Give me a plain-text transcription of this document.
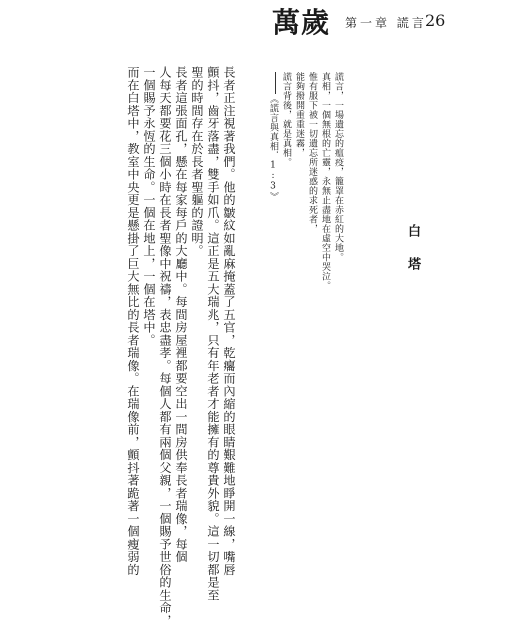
萬歲 第一章 謊言
26
白塔
謊言，一場遺忘的瘟疫，籠罩在赤紅的大地。
真相，一個無根的亡靈，永無止盡地在虛空中哭泣。
惟有服下被一切遺忘所迷惑的求死者，
能夠撥開重重迷霧，
謊言背後，就是真相。
《謊言與真相．1:3》
長者正注視著我們。他的皺紋如亂麻掩蓋了五官，乾癟而內縮的眼睛艱難地睜開一線，嘴唇
顫抖，齒牙落盡，雙手如爪。這正是五大瑞兆，只有年老者才能擁有的尊貴外貌。這一切都是至
聖的時間存在於長者聖軀的證明。
長者這張面孔，懸在每家每戶的大廳中。每間房屋裡都要空出一間房供奉長者瑞像，每個
人每天都要花三個小時在長者聖像中祝禱，表忠盡孝。每個人都有兩個父親，一個賜予世俗的生命，
一個賜予永恆的生命。一個在地上，一個在塔中。
而在白塔中，教室中央更是懸掛了巨大無比的長者瑞像。在瑞像前，顫抖著跪著一個瘦弱的
